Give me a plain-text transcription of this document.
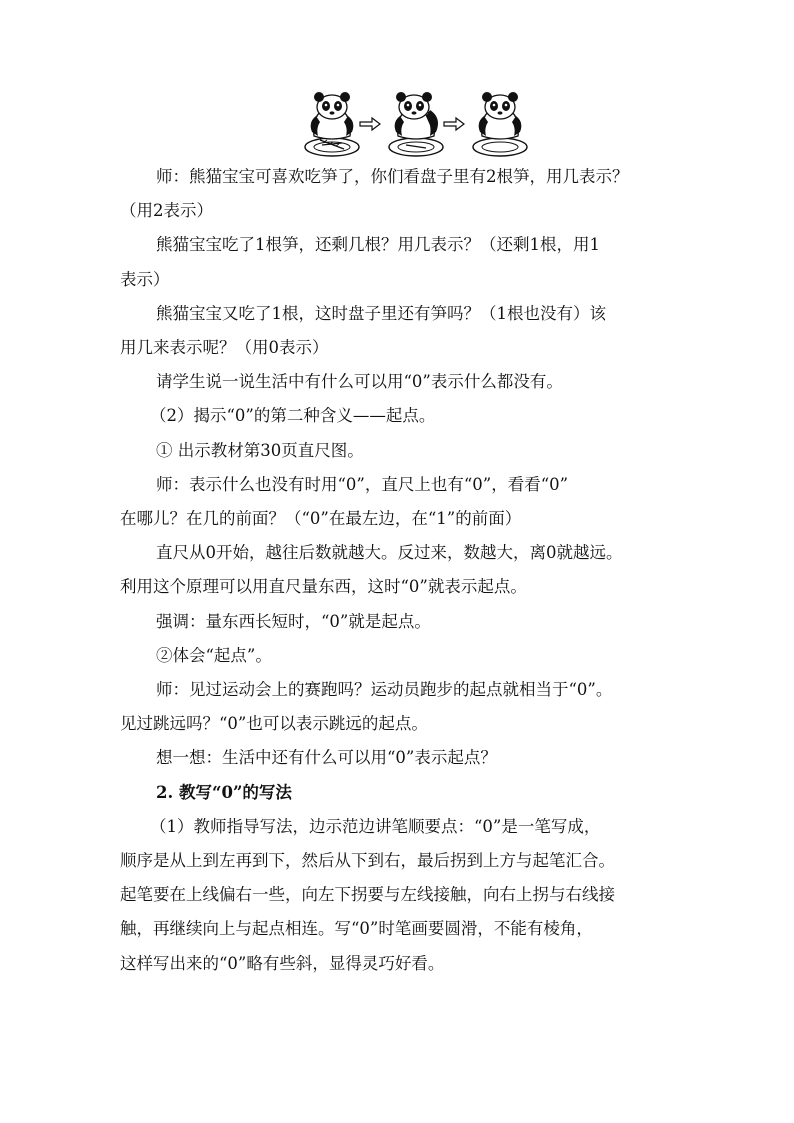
师：熊猫宝宝可喜欢吃笋了，你们看盘子里有2根笋，用几表示？

（用2表示）

熊猫宝宝吃了1根笋，还剩几根？用几表示？（还剩1根，用1

表示）

熊猫宝宝又吃了1根，这时盘子里还有笋吗？（1根也没有）该

用几来表示呢？（用0表示）

请学生说一说生活中有什么可以用“0”表示什么都没有。

（2）揭示“0”的第二种含义——起点。

① 出示教材第30页直尺图。

师：表示什么也没有时用“0”，直尺上也有“0”，看看“0”

在哪儿？在几的前面？（“0”在最左边，在“1”的前面）

直尺从0开始，越往后数就越大。反过来，数越大，离0就越远。

利用这个原理可以用直尺量东西，这时“0”就表示起点。

强调：量东西长短时，“0”就是起点。

②体会“起点”。

师：见过运动会上的赛跑吗？运动员跑步的起点就相当于“0”。

见过跳远吗？“0”也可以表示跳远的起点。

想一想：生活中还有什么可以用“0”表示起点？

2. 教写“0”的写法

（1）教师指导写法，边示范边讲笔顺要点：“0”是一笔写成，

顺序是从上到左再到下，然后从下到右，最后拐到上方与起笔汇合。

起笔要在上线偏右一些，向左下拐要与左线接触，向右上拐与右线接

触，再继续向上与起点相连。写“0”时笔画要圆滑，不能有棱角，

这样写出来的“0”略有些斜，显得灵巧好看。
